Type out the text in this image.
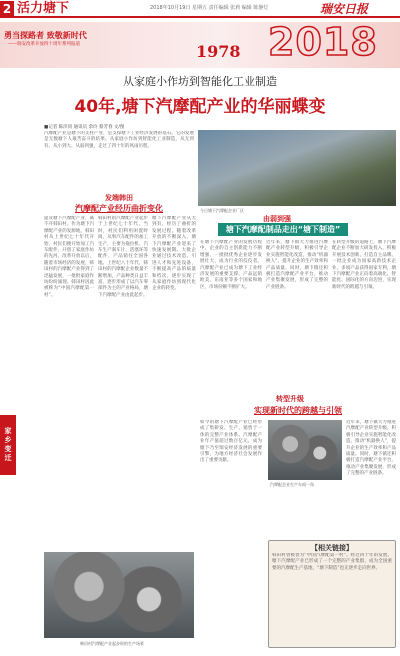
2 活力塘下	2018年10月19日 星期五 责任编辑 张莉 编辑 陈静灯	瑞安日报
勇当探路者 致敬新时代
——瑞安改革开放四十周年系列报道	1978 2018
从家庭小作坊到智能化工业制造
40年,塘下汽摩配产业的华丽蝶变
■记者 陈洋同 通讯员 余玲 蔡芳春 文/图
汽摩配产业是塘下的支柱产业，是支撑塘下工业经济发展的基石。它的发展是无数塘下人艰苦奋斗的结果。从家庭小作坊到智能化工业制造，从无到有、从小到大、从弱到强，走过了四十年的风雨历程。
今日塘下汽摩配企业厂区
发端韩田
汽摩配产业经历曲折变化
提及塘下汽摩配产业，离不开韩田村。作为塘下汽摩配产业的发源地，韩田村从上世纪七十年代开始，村民们便开始加工汽车配件，开创了家庭作坊的先河。改革开放以后，随着市场经济的发展，韩田村的汽摩配产业得到了迅猛发展，一批批家庭作坊纷纷涌现。韩田村因此被称为“中国汽摩配第一村”。
韩田村的汽摩配产业起步于上世纪七十年代。当时，村民们利用闲置时间，从事汽车配件的加工生产，主要为拖拉机、汽车生产刹车片、活塞环等配件，产品销往全国各地。上世纪八十年代，韩田村的汽摩配企业数量不断增加，产品种类日益丰富，逐步形成了以汽车零部件为主的产业格局，塘下汽摩配产业由此起步。
塘下汽摩配产业从无到有，经历了曲折的发展过程。随着改革开放的不断深入，塘下汽摩配产业迎来了快速发展期。大批企业通过技术改造、引进人才和先进设备，不断提高产品的质量和档次，逐步实现了从家庭作坊到现代化企业的转变。
由弱到强
塘下汽摩配制品走出“塘下制造”
在塘下汽摩配产业的发展历程中，企业的自主创新能力不断增强，一批批优秀企业逐步发展壮大，成为行业的佼佼者。汽摩配产业已成为塘下工业经济发展的重要支撑，产品远销欧美、东南亚等多个国家和地区，市场份额不断扩大。
近年来，塘下镇大力推进汽摩配产业转型升级，积极引导企业实施智能化改造，推动“机器换人”，提升企业的生产效率和产品质量。同时，塘下镇还积极打造汽摩配产业平台，推动产业集聚发展，形成了完整的产业链条。
在转型升级的道路上，塘下汽摩配企业不断加大研发投入，积极开展技术创新，打造自主品牌。一批企业成为国家高新技术企业，多项产品获得国家专利，塘下汽摩配产业正向着高端化、智能化、国际化的方向迈进，实现新时代的跨越与引领。
转型升级
实现新时代的跨越与引领
如今的塘下汽摩配产业已经形成了集研发、生产、销售于一体的完整产业体系。汽摩配产业年产值超过数百亿元，成为塘下乃至瑞安经济发展的重要引擎，为地方经济社会发展作出了重要贡献。
汽摩配企业生产车间一角
近年来，塘下镇大力推进汽摩配产业转型升级，积极引导企业实施智能化改造，推动“机器换人”，提升企业的生产效率和产品质量。同时，塘下镇还积极打造汽摩配产业平台，推动产业集聚发展，形成了完整的产业链条。
【相关链接】
韩田村曾被誉为“中国汽摩配第一村”。经过四十年的发展，塘下汽摩配产业已形成了一个完整的产业集群，成为全国重要的汽摩配生产基地，“塘下制造”也正逐步走向世界。
韩田村汽摩配产业起步时的生产场景
家乡变迁
